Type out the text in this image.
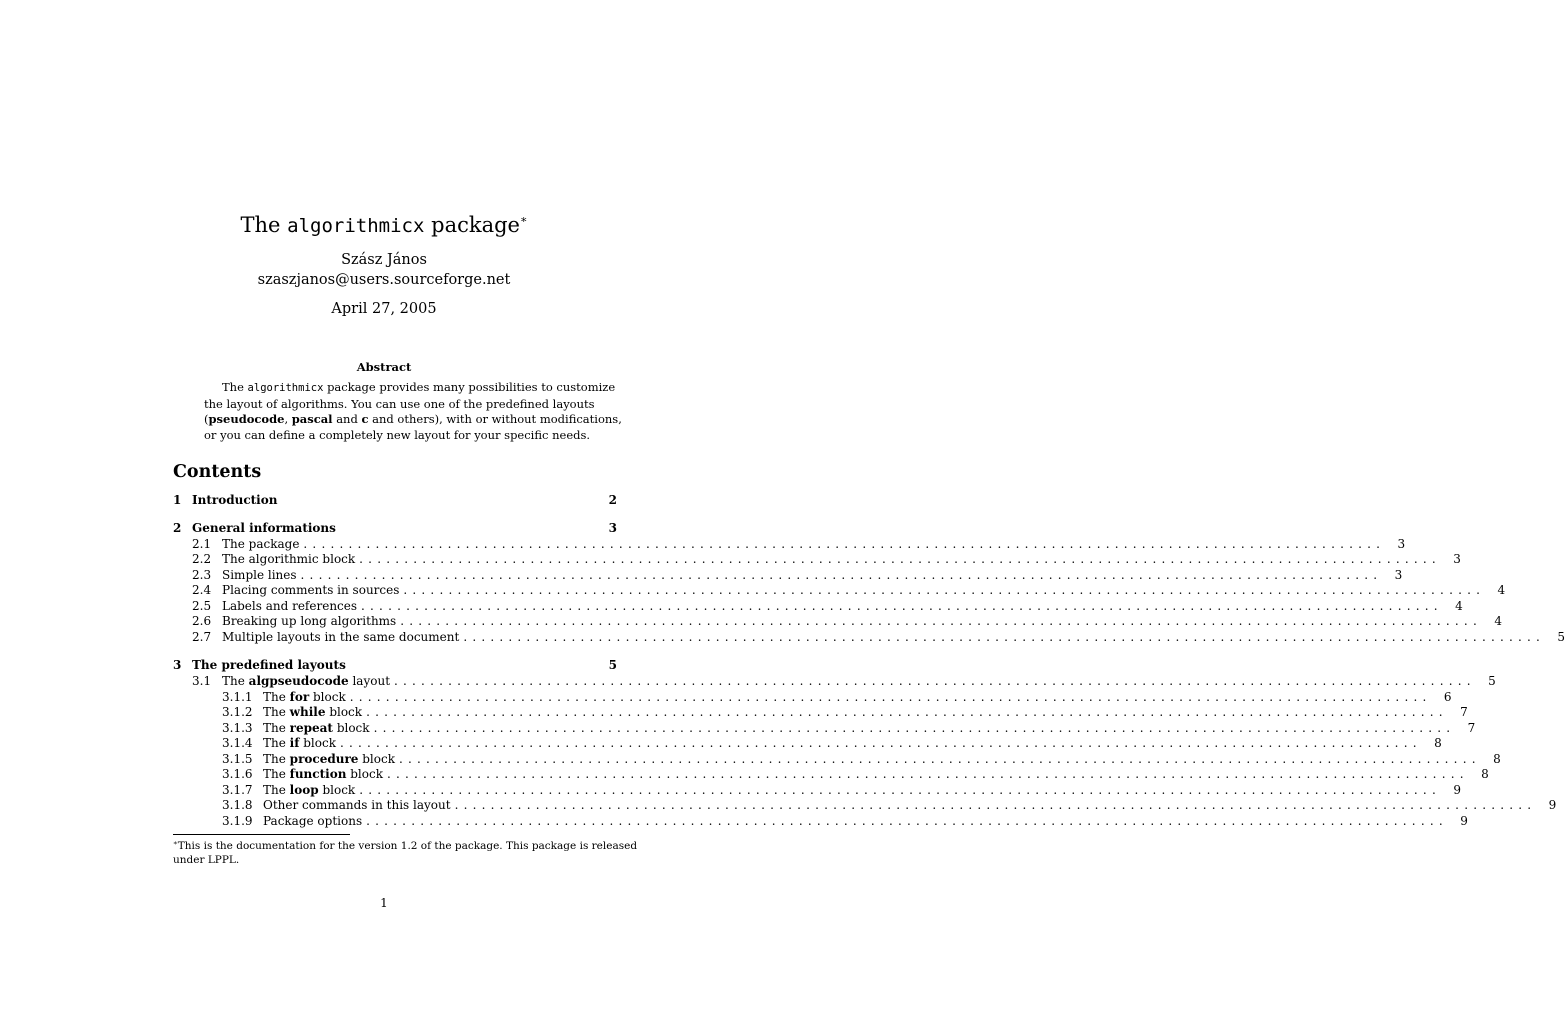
The algorithmicx package∗
Szász János
szaszjanos@users.sourceforge.net
April 27, 2005
Abstract
The algorithmicx package provides many possibilities to customize
the layout of algorithms. You can use one of the predefined layouts
(pseudocode, pascal and c and others), with or without modifications,
or you can define a completely new layout for your specific needs.
Contents
1 Introduction	2
2 General informations	3
2.1 The package ........................................................................................................................	3
2.2 The algorithmic block ........................................................................................................................	3
2.3 Simple lines ........................................................................................................................	3
2.4 Placing comments in sources ........................................................................................................................	4
2.5 Labels and references ........................................................................................................................	4
2.6 Breaking up long algorithms ........................................................................................................................	4
2.7 Multiple layouts in the same document ........................................................................................................................	5
3 The predefined layouts	5
3.1 The algpseudocode layout ........................................................................................................................	5
3.1.1 The for block ........................................................................................................................	6
3.1.2 The while block ........................................................................................................................	7
3.1.3 The repeat block ........................................................................................................................	7
3.1.4 The if block ........................................................................................................................	8
3.1.5 The procedure block ........................................................................................................................	8
3.1.6 The function block ........................................................................................................................	8
3.1.7 The loop block ........................................................................................................................	9
3.1.8 Other commands in this layout ........................................................................................................................	9
3.1.9 Package options ........................................................................................................................	9
∗This is the documentation for the version 1.2 of the package. This package is released
under LPPL.
1
